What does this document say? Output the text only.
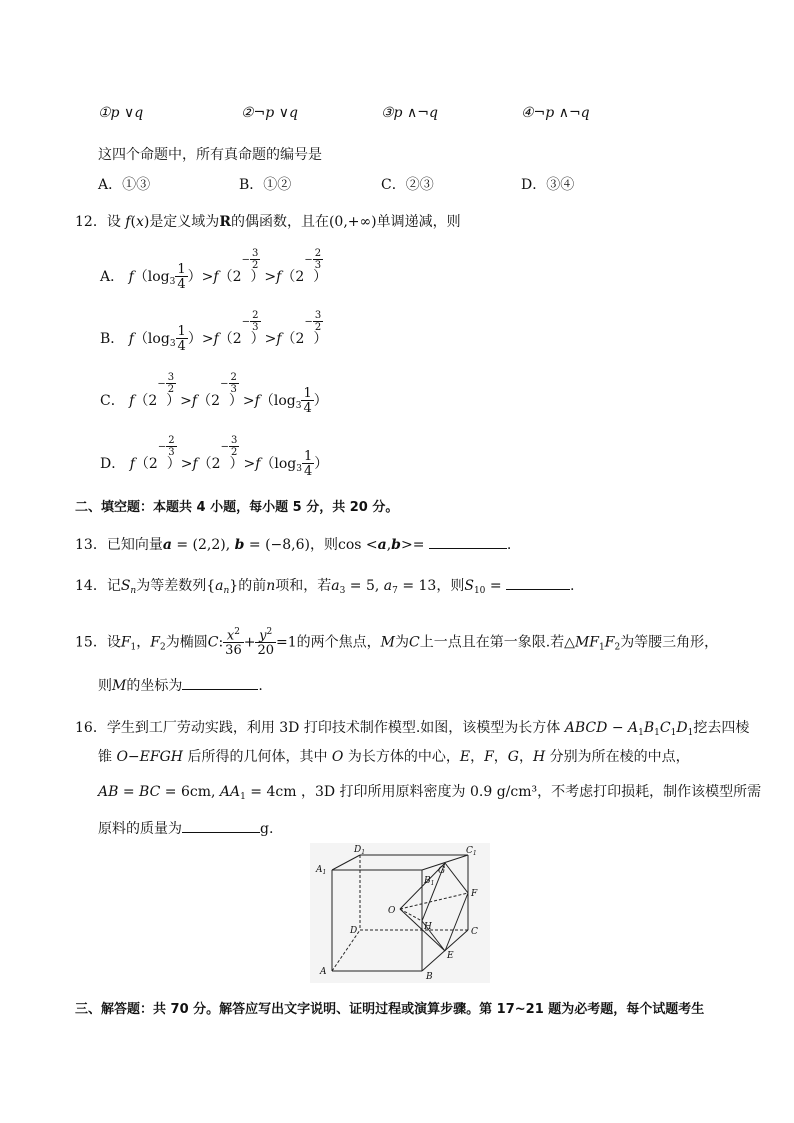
①p ∨q	②¬p ∨q	③p ∧¬q	④¬p ∧¬q
这四个命题中，所有真命题的编号是
A．①③	B．①②	C．②③	D．③④
12．设 f(x)是定义域为R的偶函数，且在(0,+∞)单调递减，则
A． $f(\log_3 \frac{1}{4} )>f(2$
− $\frac{3}{2}$
）>f（2
− $\frac{2}{3}$
）
B． $f(\log_3 \frac{1}{4} )>f(2$
− $\frac{2}{3}$
）>f（2
− $\frac{3}{2}$
）
C． f（2
− $\frac{3}{2}$
）>f（2
− $\frac{2}{3}$
）$>f(\log_3 \frac{1}{4}$ ）
D． f（2
− $\frac{2}{3}$
）>f（2
− $\frac{3}{2}$
）$>f(\log_3 \frac{1}{4}$ ）
二、填空题：本题共 4 小题，每小题 5 分，共 20 分。
13．已知向量a = (2,2), b = (−8,6)，则cos <a,b>=	.
14．记$S_n$为等差数列$\{a_n\}$的前n项和，若$a_3 = 5$, $a_7 = 13$，则$S_{10}$ =	.
15．设$F_1$，$F_2$为椭圆C: $\frac{x^2}{36} + \frac{y^2}{20} =1$的两个焦点，M为C上一点且在第一象限.若$\triangle MF_1F_2$为等腰三角形，
则M的坐标为	.
16．学生到工厂劳动实践，利用 3D 打印技术制作模型.如图，该模型为长方体 ABCD − $A_1B_1C_1D_1$挖去四棱
锥 O−EFGH 后所得的几何体，其中 O 为长方体的中心，E，F，G，H 分别为所在棱的中点，
AB = BC = 6cm, $AA_1 = 4cm$ ，3D 打印所用原料密度为 0.9 g/cm³，不考虑打印损耗，制作该模型所需
原料的质量为	g.
$D_1$	$C_1$
$A_1$
$B_1$
G
F
O
H
D	C
E
A	B
三、解答题：共 70 分。解答应写出文字说明、证明过程或演算步骤。第 17~21 题为必考题，每个试题考生
